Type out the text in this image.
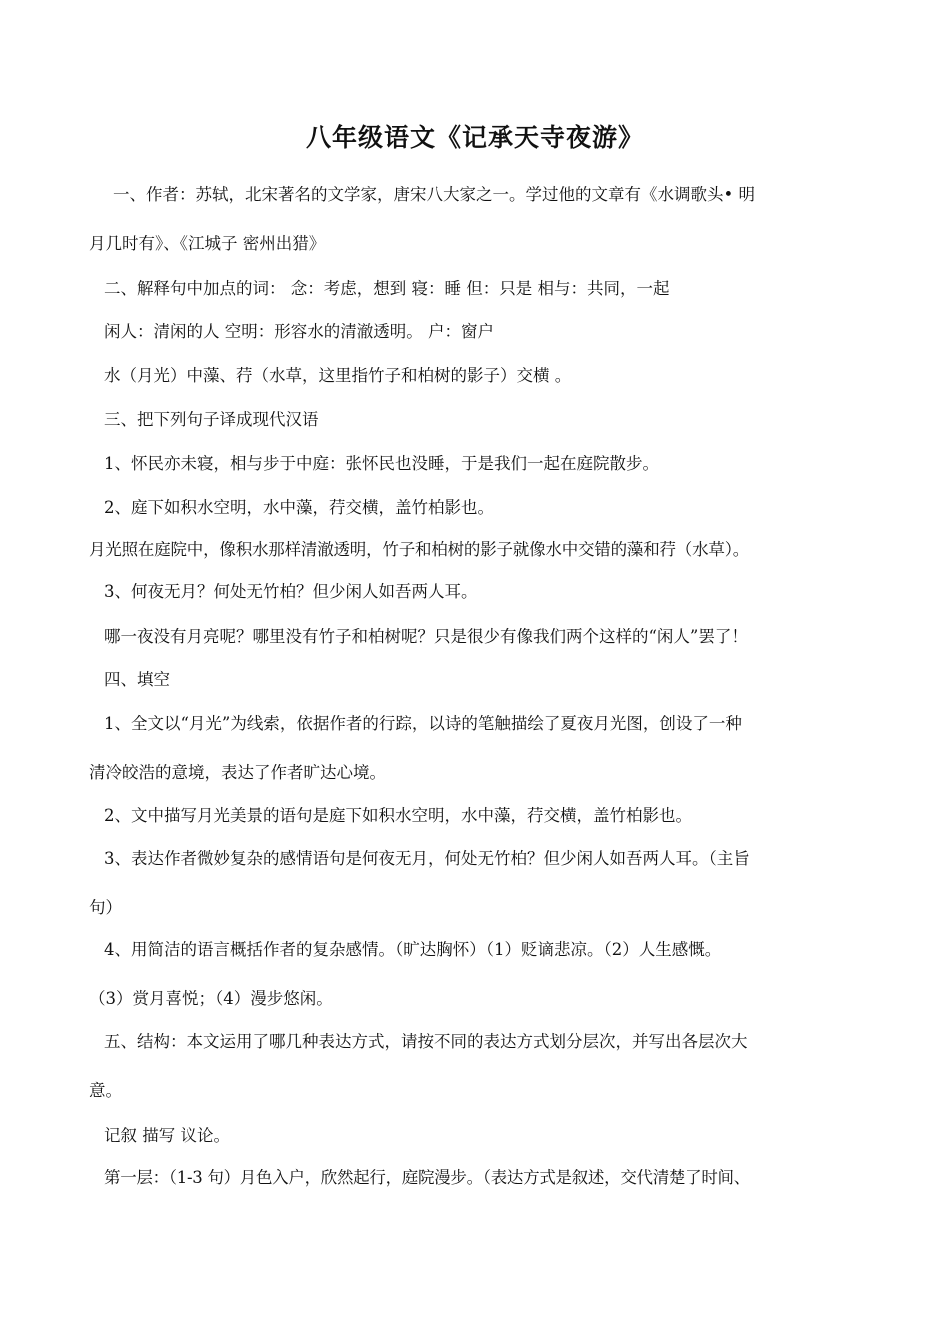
八年级语文《记承天寺夜游》
一、作者：苏轼，北宋著名的文学家，唐宋八大家之一。学过他的文章有《水调歌头• 明
月几时有》、《江城子 密州出猎》
二、解释句中加点的词： 念：考虑，想到 寝：睡 但：只是 相与：共同，一起
闲人：清闲的人 空明：形容水的清澈透明。 户：窗户
水（月光）中藻、荇（水草，这里指竹子和柏树的影子）交横 。
三、把下列句子译成现代汉语
1、怀民亦未寝，相与步于中庭：张怀民也没睡，于是我们一起在庭院散步。
2、庭下如积水空明，水中藻，荇交横，盖竹柏影也。
月光照在庭院中，像积水那样清澈透明，竹子和柏树的影子就像水中交错的藻和荇（水草）。
3、何夜无月？何处无竹柏？但少闲人如吾两人耳。
哪一夜没有月亮呢？哪里没有竹子和柏树呢？只是很少有像我们两个这样的“闲人”罢了！
四、填空
1、全文以“月光”为线索，依据作者的行踪，以诗的笔触描绘了夏夜月光图，创设了一种
清冷皎浩的意境，表达了作者旷达心境。
2、文中描写月光美景的语句是庭下如积水空明，水中藻，荇交横，盖竹柏影也。
3、表达作者微妙复杂的感情语句是何夜无月，何处无竹柏？但少闲人如吾两人耳。（主旨
句）
4、用简洁的语言概括作者的复杂感情。（旷达胸怀）（1）贬谪悲凉。（2）人生感慨。
（3）赏月喜悦；（4）漫步悠闲。
五、结构：本文运用了哪几种表达方式，请按不同的表达方式划分层次，并写出各层次大
意。
记叙 描写 议论。
第一层：（1-3 句）月色入户，欣然起行，庭院漫步。（表达方式是叙述，交代清楚了时间、
